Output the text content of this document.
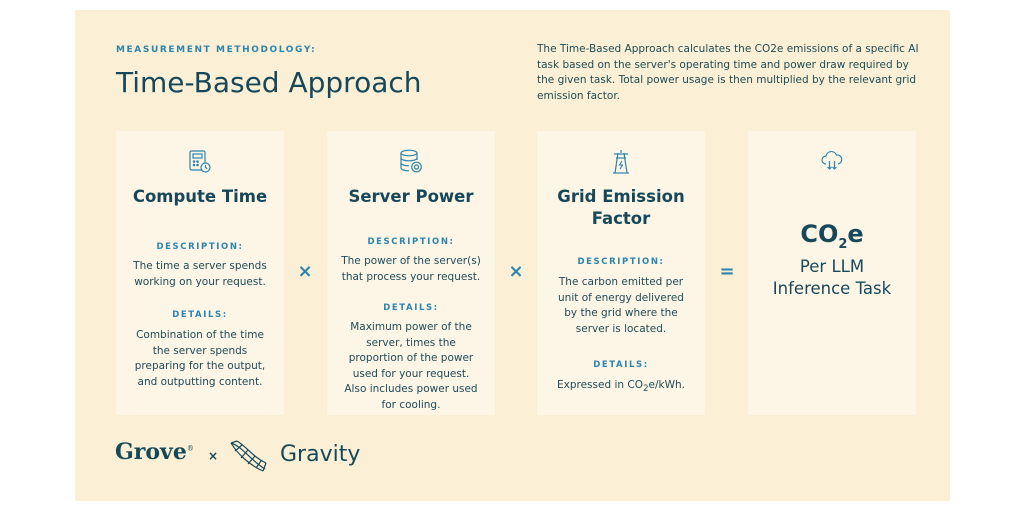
MEASUREMENT METHODOLOGY:
Time-Based Approach
The Time-Based Approach calculates the CO2e emissions of a specific AI task based on the server's operating time and power draw required by the given task. Total power usage is then multiplied by the relevant grid emission factor.
Compute Time
DESCRIPTION:

The time a server spends working on your request.

DETAILS:

Combination of the time the server spends preparing for the output, and outputting content.

×
Server Power
DESCRIPTION:

The power of the server(s) that process your request.

DETAILS:

Maximum power of the server, times the proportion of the power used for your request. Also includes power used for cooling.

×
Grid Emission Factor
DESCRIPTION:

The carbon emitted per unit of energy delivered by the grid where the server is located.

DETAILS:

Expressed in $CO_2e$/kWh.

=
$CO_2e$
Per LLM
Inference Task
Grove®
×	Gravity
